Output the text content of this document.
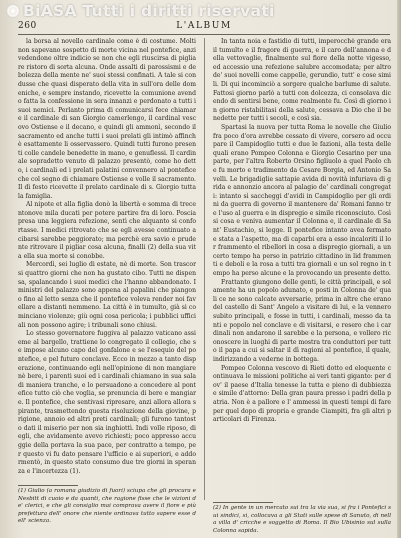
BiASA Tutti i diritti riservati
260	L'ALBUM

la borsa al novello cardinale come è di costume. Molti non sapevano sospetto di morte vicina nel pontefice, anzi vedendone oltre indicio se non che egli riuscirsa di pigliare ristoro di sorta alcuna. Onde assalti di parossismi e debolezza della mente ne' suoi stessi confinati. A tale si condusse che quasi disperato della vita in sull'ora delle domeniche, e sempre instando, ricevette la comunione avendo fatta la confessione in sera innanzi e perdonato a tutti i suoi nemici. Perlanto prima di comunicarsi fece chiamare il cardinale di san Giorgio camerlengo, il cardinal vescovo Ostiense e il decano, e quindi gli ammonì, secondo il sacramento ed anche tutti i suoi prelati gli intimò affinchè esattamente li osservassero. Quindi tutti furono presenti colle candele benedette in mano, e genuflessi. Il cardinale sopradetto venuto di palazzo presentò, come ho detto, i cardinali ed i prelati palatini convennero al pontefice che col segno di chiamare Ostiense e volle il sacramento. Il dì festo ricevette il prelato cardinale di s. Giorgio tutta la famiglia.

Al nipote et alla figlia donò la libertà e somma di trecentonove mila ducati per potere partire fra di loro. Poscia presa una leggiera refezione, sentì che alquanto si confortasse. I medici ritrovato che se egli avesse continuato a cibarsi sarebbe peggiorato; ma perchè era savio e prudente ritrovare il pigliar cosa alcuna, finalli (2) della sua vita ella sua morte si conobbe.

Mercordì, sei luglio di estate, nè di morte. Son trascorsi quattro giorni che non ha gustato cibo. Tutti ne dispensa, spalancando i suoi medici che l'hanno abbandonato. I ministri del palazzo sono appena al papalini che piangono fino al letto senza che il pontefice voleva render noi favellare a distanti nemmeno. La città è in tumulto, già si cominciano violenze; giù ogni cosa pericola; i pubblici ufficiali non possono agire; i tribunali sono chiusi.

Lo stesso governatore fuggiva al palazzo vaticano assieme al bargello, trattiene lo congregato il collegio, che se impose alcuno capo del gonfalone e se l'esequio del pontefice, e pel futuro conclave. Ecco in mezzo a tanto disperazione, continuando egli nell'opinione di non mangiare nè bere, i parenti suoi ed i cardinali chiamano in sua sala di maniera tranche, e lo persuadono a concedere al pontefice tutto ciò che voglia, se prenuncia di bere e mangiare. Il pontefice, che sentivasi ripresare, anzi allora allora spirante, trasmettendo questa risoluzione della giovine, prigione, annoio ed altri preti cardinali; gli furono tantosto dati il miserio per non sia inghiottì. Indi volle riposo, di egli, che avidamente avevo richiesti; poco appresso accuggie della portava la sua pace, per contratto a tempo, per questo vi fu dato pensare l'ufficio e ai superiori, e addormentò, in questo stato consumo due tre giorni in speranza e l'incertezza (1).

In tanta noia e fastidio di tutti, imperocchè grande era il tumulto e il fragore di guerra, e il caro dell'annona e della vettovaglie, finalmente sul fiore della notte vigesso, ed accessio una refezione salubre accomodata; per altro de' suoi novelli come cappelle, gerundio, tutt' e cose simili. Di qui incominciò a sorgere qualche barlume di salute. Fattosi giorno parlò a tutti con dolcezza, ci consolava dicendo di sentirsi bene, come realmente fu. Così di giorno in giorno ristabilitasi della salute, cessava a Dio che il benedette per tutti i secoli, e così sia.

Spartasi la nuova per tutta Roma le novelle che Giulio fra poco d'ora avrebbe cessato di vivere, corsero ad occupare il Campidoglio tutti e due le fazioni, alla testa delle quali erano Pompeo Colonna e Giorgio Cesarino per una parte, per l'altra Roberto Orsino figliuolo a quel Paolo che fu morto e tradimento da Cesare Borgia, ed Antonio Savelli. Le brigadiglie sattapie avida di novità infuriava di grida e annonzio ancora al palagio de' cardinali congregati: intanto sì saccheggi d'avidi in Campidoglio per gli ordini da guerra di governo il mantenere da' Romani fanno tre l'uso al guerra e in dispregio e simile riconosciuto. Così si cosa e veniva aumentar il Colonna e, il cardinale di Sant' Eustachio, si legge. Il pontefice intanto avea fermato e stata a l'aspetto, ma di caparbi era a esso incaloriti il lor frammento el ribellori in cosa a dispregio giornali, a un certo tempo ha perso in patrizio cittadino in lid frammenti e deboli e la rosa a tutti tra giornali e un sol regno in tempo ha perso alcune e la provocando un presente detto.

Frattanto giungono delle genti, le città principali, e solamente ha un popolo adunato, e posti in Colonna de' quali ce ne sono calcate avversarie, prima in altre che erano del castello di Sant' Angelo a visitare di lui, e la vennero subito principali, e fosse in tutti, i cardinali, messo da tanti e popolo nel conclave e di visitarsi, e resero che i cardinali non andarono il sarebbe e la persona, e vollero riconoscere in luoghi di parte mostra tra conduttori per tutto il papa a cui si saltar il dì ragioni al pontefice, il quale, indirizzando a vederne in bottega.

Pompeo Colonna vescovo di Rieti dotto ed eloquente continuava le missioni politiche ai veri tanti giganto: per dov' il paese d'Italia tenesse la tutta e pieno di dubbiezza e simile d'attorno: Della gran paura presso i padri della patria. Non è a pallore e l' ammessi in questi tempi di fare per quel dopo di propria e grande Ciampiti, fra gli altri particolari di Firenza.

(1) Giulio (a romana giudizio di fuori) sciupa che gli procura e Nesbitt di cuoio e da quanti, che ragione fisse che le vizioni de' clerici, e che gli consiglio mai comprava avere il fiore e più prefettura dell' onore che niente ordinava tutto sapere esse dell' scienza.
(2) In gente in un mercato sui tra la via sua, si fra i Pontefici sui sindici, si, collocava a gli Stati sulle spese di Sanuto, di nella villa d' cricche e soggetto di Roma. Il Bio Ubisinio sul sulla Colonna sapida.
